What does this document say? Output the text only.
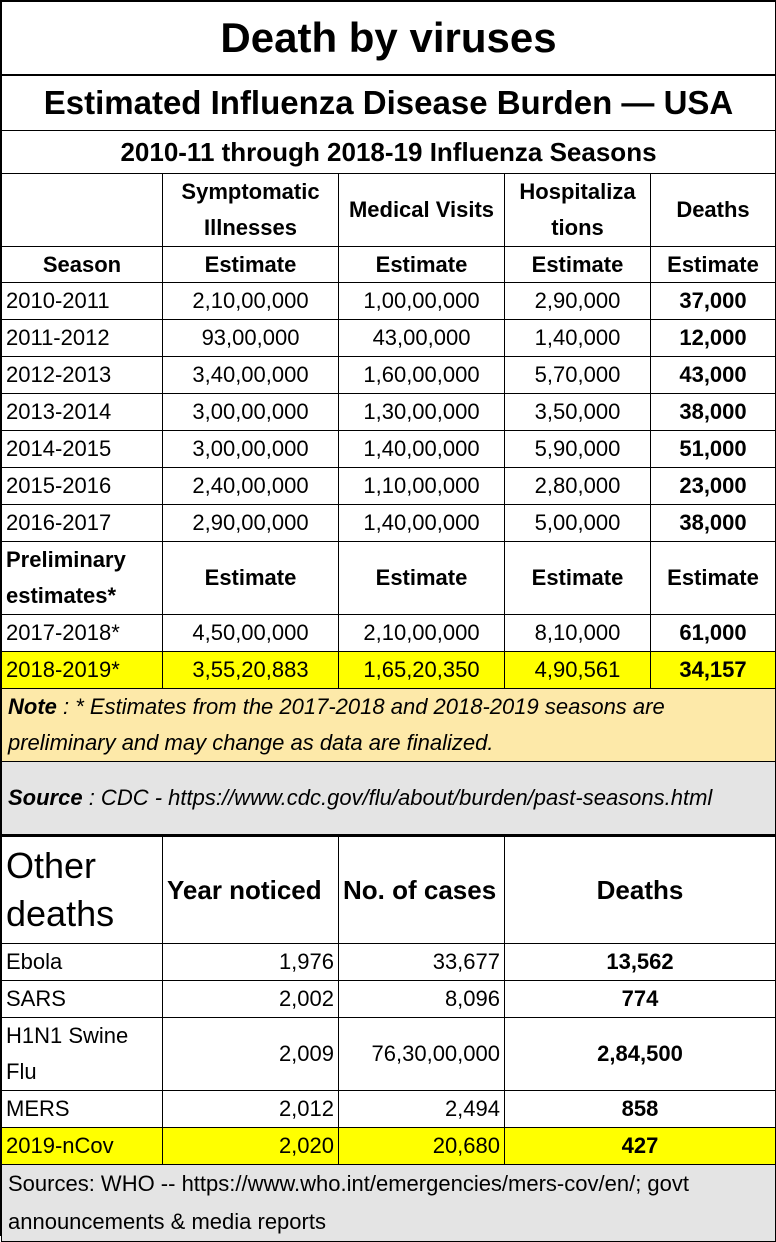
Death by viruses				
Estimated Influenza Disease Burden — USA				
2010-11 through 2018-19 Influenza Seasons				
	Symptomatic Illnesses	Medical Visits	Hospitaliza tions	Deaths
Season	Estimate	Estimate	Estimate	Estimate
2010-2011	2,10,00,000	1,00,00,000	2,90,000	37,000
2011-2012	93,00,000	43,00,000	1,40,000	12,000
2012-2013	3,40,00,000	1,60,00,000	5,70,000	43,000
2013-2014	3,00,00,000	1,30,00,000	3,50,000	38,000
2014-2015	3,00,00,000	1,40,00,000	5,90,000	51,000
2015-2016	2,40,00,000	1,10,00,000	2,80,000	23,000
2016-2017	2,90,00,000	1,40,00,000	5,00,000	38,000
Preliminary estimates*	Estimate	Estimate	Estimate	Estimate
2017-2018*	4,50,00,000	2,10,00,000	8,10,000	61,000
2018-2019*	3,55,20,883	1,65,20,350	4,90,561	34,157
Note : * Estimates from the 2017-2018 and 2018-2019 seasons are preliminary and may change as data are finalized.				
Source : CDC - https://www.cdc.gov/flu/about/burden/past-seasons.html				
Other deaths	Year noticed	No. of cases	Deaths
Ebola	1,976	33,677	13,562
SARS	2,002	8,096	774
H1N1 Swine Flu	2,009	76,30,00,000	2,84,500
MERS	2,012	2,494	858
2019-nCov	2,020	20,680	427
Sources: WHO -- https://www.who.int/emergencies/mers-cov/en/; govt announcements & media reports			
